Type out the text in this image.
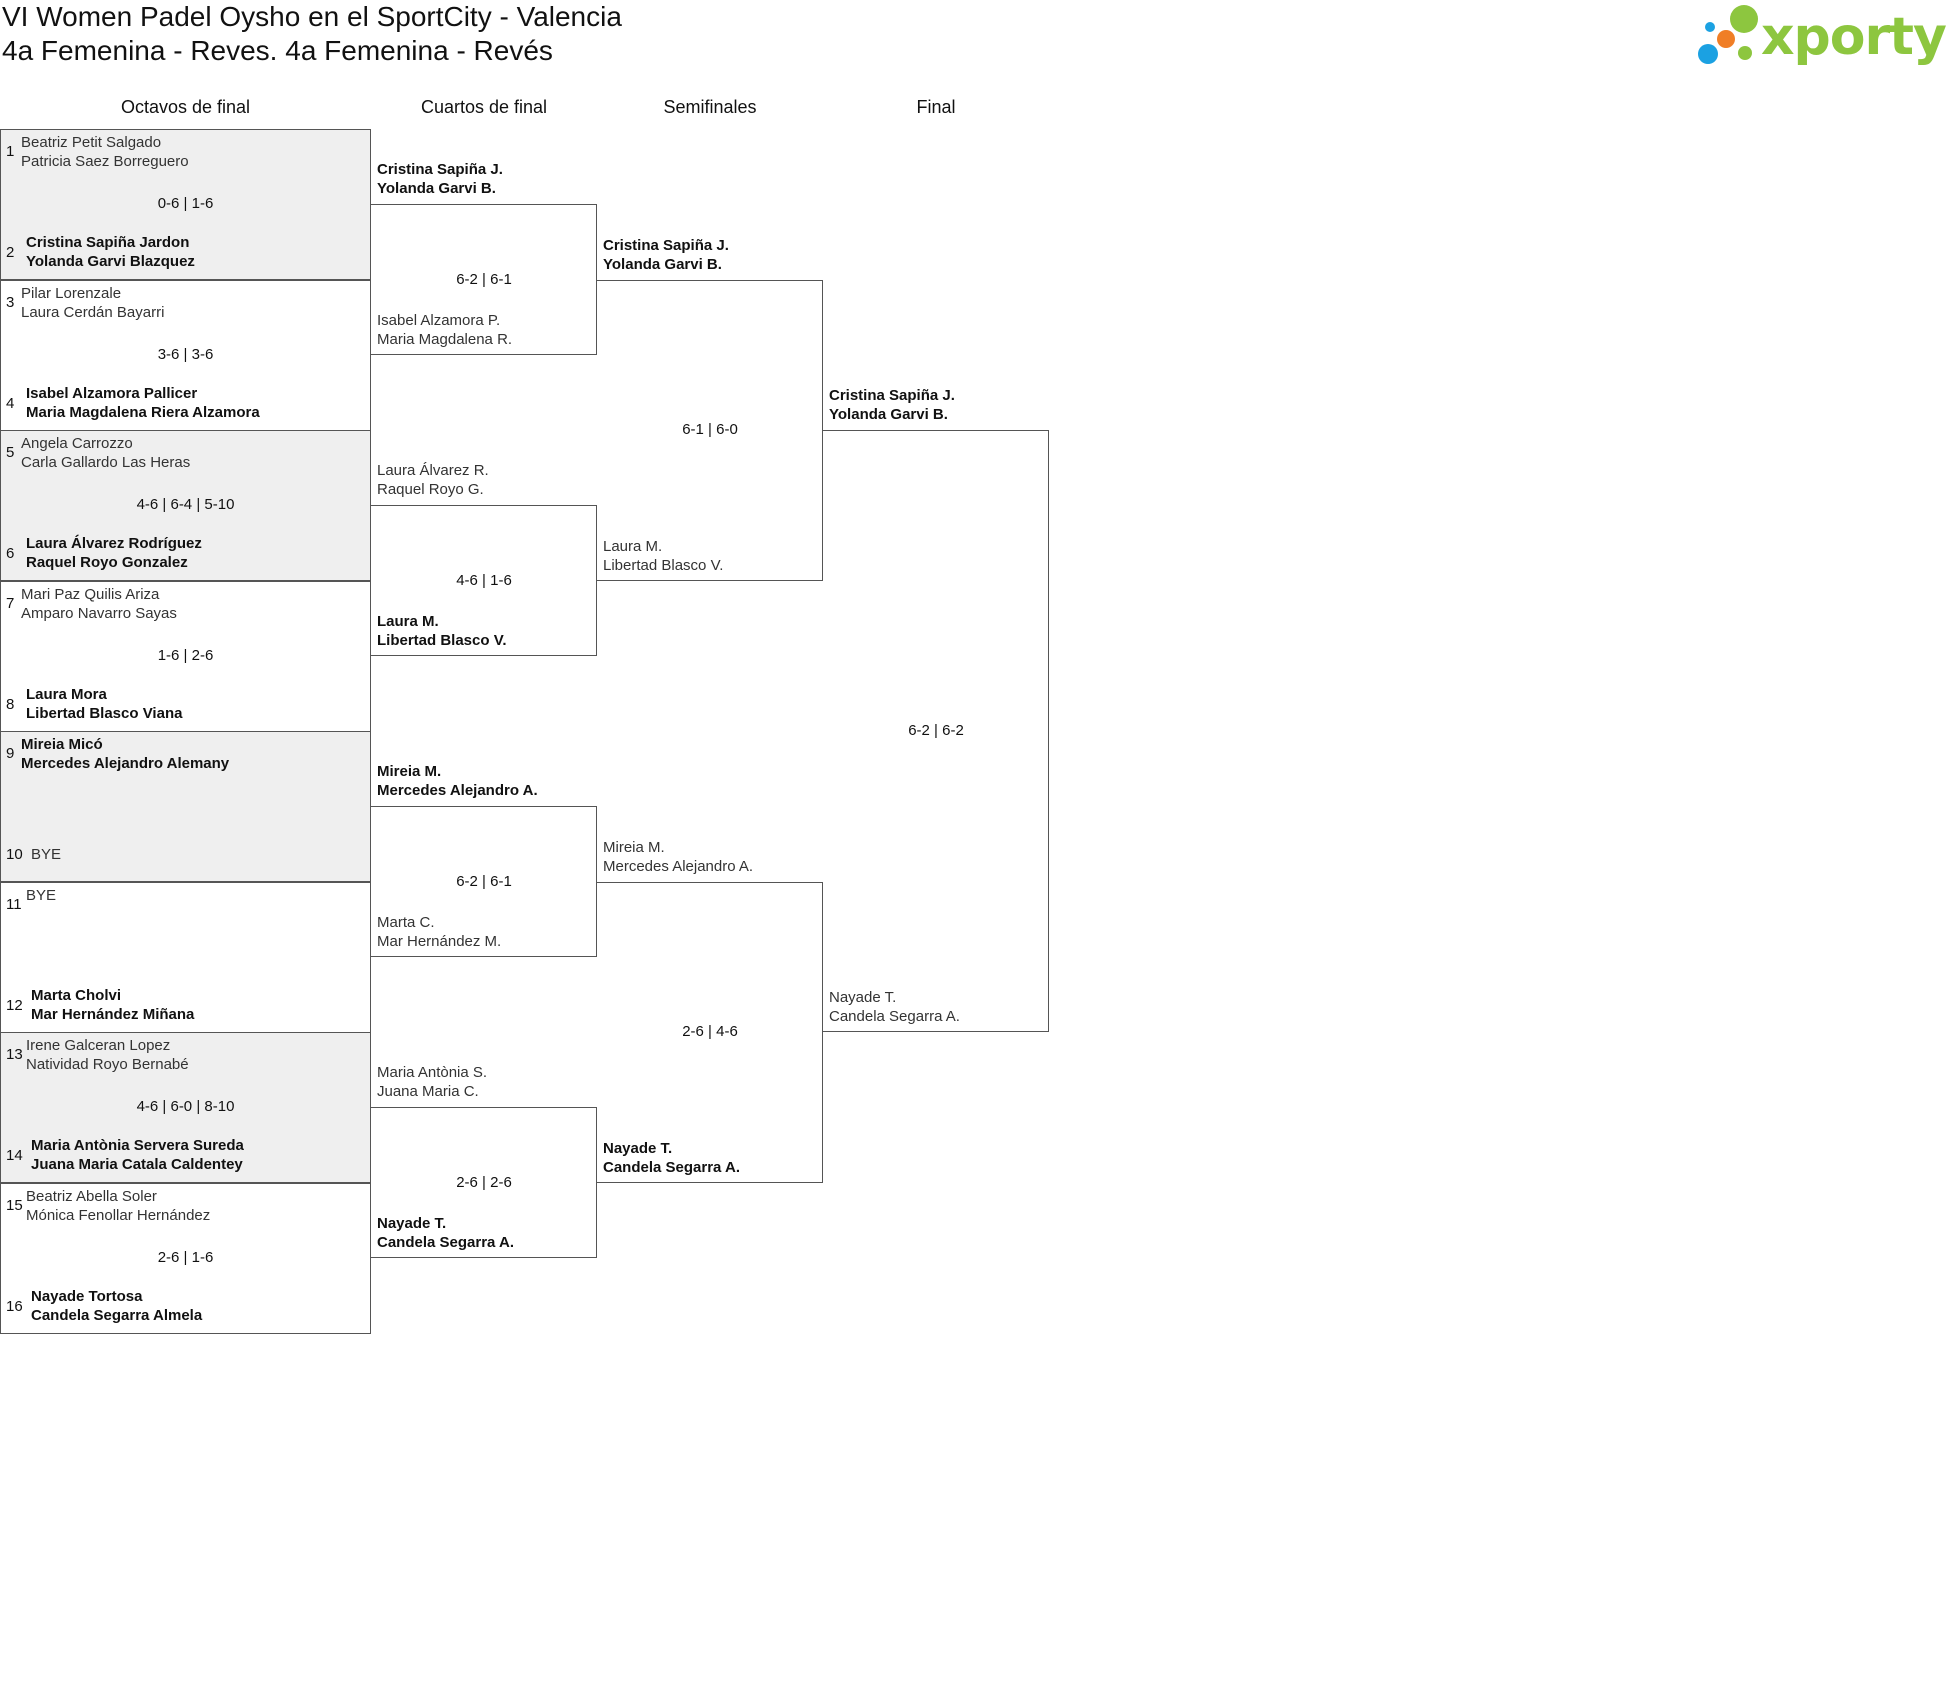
VI Women Padel Oysho en el SportCity - Valencia
4a Femenina - Reves. 4a Femenina - Revés	xporty
Octavos de final	Cuartos de final	Semifinales	Final
1
Beatriz Petit Salgado
Patricia Saez Borreguero
0-6 | 1-6
2
Cristina Sapiña Jardon
Yolanda Garvi Blazquez
3
Pilar Lorenzale
Laura Cerdán Bayarri
3-6 | 3-6
4
Isabel Alzamora Pallicer
Maria Magdalena Riera Alzamora
5
Angela Carrozzo
Carla Gallardo Las Heras
4-6 | 6-4 | 5-10
6
Laura Álvarez Rodríguez
Raquel Royo Gonzalez
7
Mari Paz Quilis Ariza
Amparo Navarro Sayas
1-6 | 2-6
8
Laura Mora
Libertad Blasco Viana
9
Mireia Micó
Mercedes Alejandro Alemany
10 BYE
11
BYE
12
Marta Cholvi
Mar Hernández Miñana
13
Irene Galceran Lopez
Natividad Royo Bernabé
4-6 | 6-0 | 8-10
14
Maria Antònia Servera Sureda
Juana Maria Catala Caldentey
15
Beatriz Abella Soler
Mónica Fenollar Hernández
2-6 | 1-6
16
Nayade Tortosa
Candela Segarra Almela
Cristina Sapiña J.
Yolanda Garvi B.
Isabel Alzamora P.
Maria Magdalena R.
6-2 | 6-1
Laura Álvarez R.
Raquel Royo G.
Laura M.
Libertad Blasco V.
4-6 | 1-6
Mireia M.
Mercedes Alejandro A.
Marta C.
Mar Hernández M.
6-2 | 6-1
Maria Antònia S.
Juana Maria C.
Nayade T.
Candela Segarra A.
2-6 | 2-6
Cristina Sapiña J.
Yolanda Garvi B.
Laura M.
Libertad Blasco V.
6-1 | 6-0
Mireia M.
Mercedes Alejandro A.
Nayade T.
Candela Segarra A.
2-6 | 4-6
Cristina Sapiña J.
Yolanda Garvi B.
Nayade T.
Candela Segarra A.
6-2 | 6-2
